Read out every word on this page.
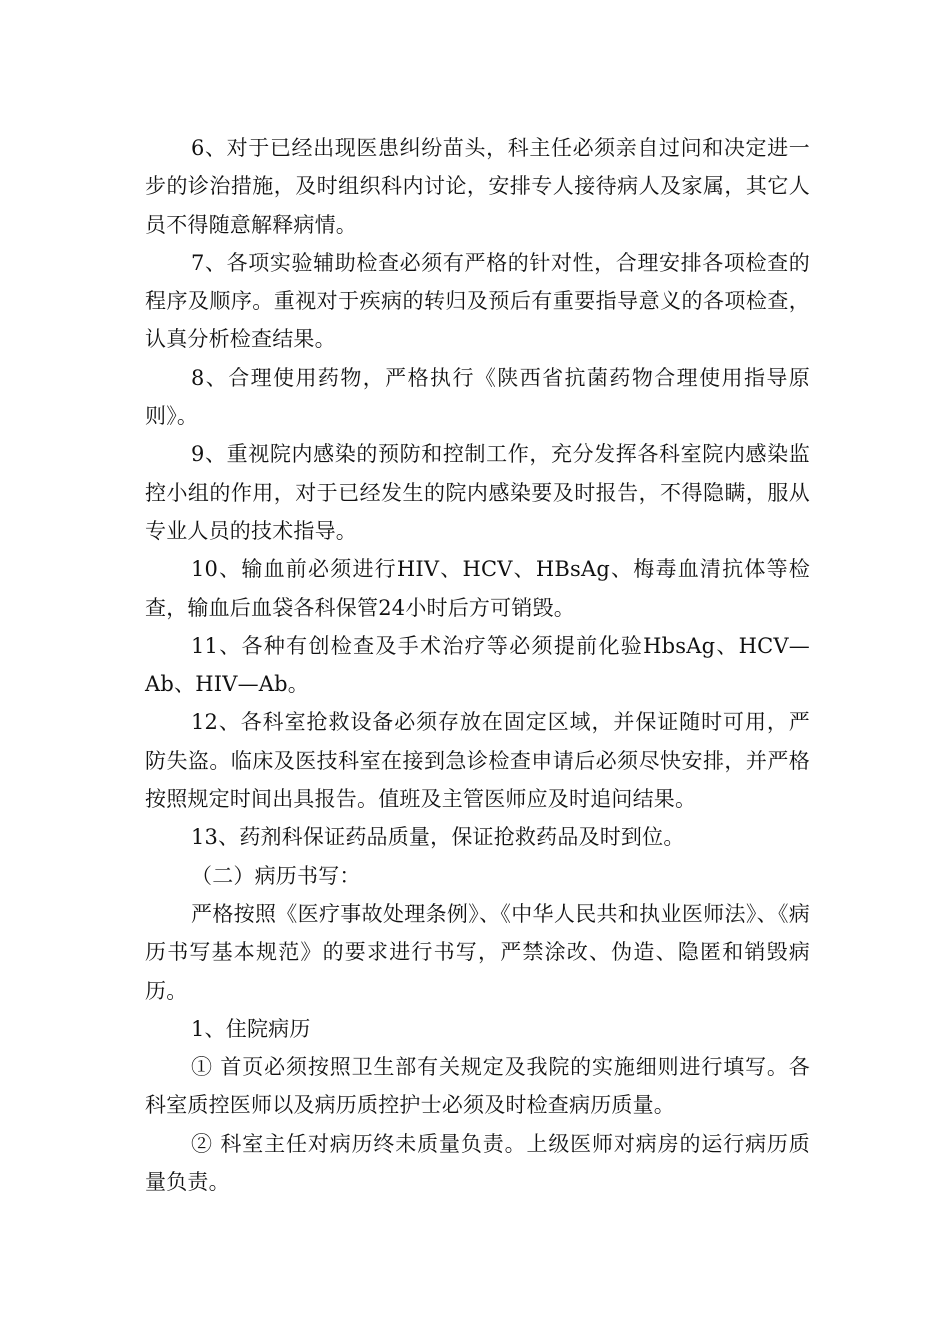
6、对于已经出现医患纠纷苗头，科主任必须亲自过问和决定进一步的诊治措施，及时组织科内讨论，安排专人接待病人及家属，其它人员不得随意解释病情。

7、各项实验辅助检查必须有严格的针对性，合理安排各项检查的程序及顺序。重视对于疾病的转归及预后有重要指导意义的各项检查，认真分析检查结果。

8、合理使用药物，严格执行《陕西省抗菌药物合理使用指导原则》。

9、重视院内感染的预防和控制工作，充分发挥各科室院内感染监控小组的作用，对于已经发生的院内感染要及时报告，不得隐瞒，服从专业人员的技术指导。

10、输血前必须进行HIV、HCV、HBsAg、梅毒血清抗体等检查，输血后血袋各科保管24小时后方可销毁。

11、各种有创检查及手术治疗等必须提前化验HbsAg、HCV—Ab、HIV—Ab。

12、各科室抢救设备必须存放在固定区域，并保证随时可用，严防失盗。临床及医技科室在接到急诊检查申请后必须尽快安排，并严格按照规定时间出具报告。值班及主管医师应及时追问结果。

13、药剂科保证药品质量，保证抢救药品及时到位。

（二）病历书写：

严格按照《医疗事故处理条例》、《中华人民共和执业医师法》、《病历书写基本规范》的要求进行书写，严禁涂改、伪造、隐匿和销毁病历。

1、住院病历

① 首页必须按照卫生部有关规定及我院的实施细则进行填写。各科室质控医师以及病历质控护士必须及时检查病历质量。

② 科室主任对病历终未质量负责。上级医师对病房的运行病历质量负责。
